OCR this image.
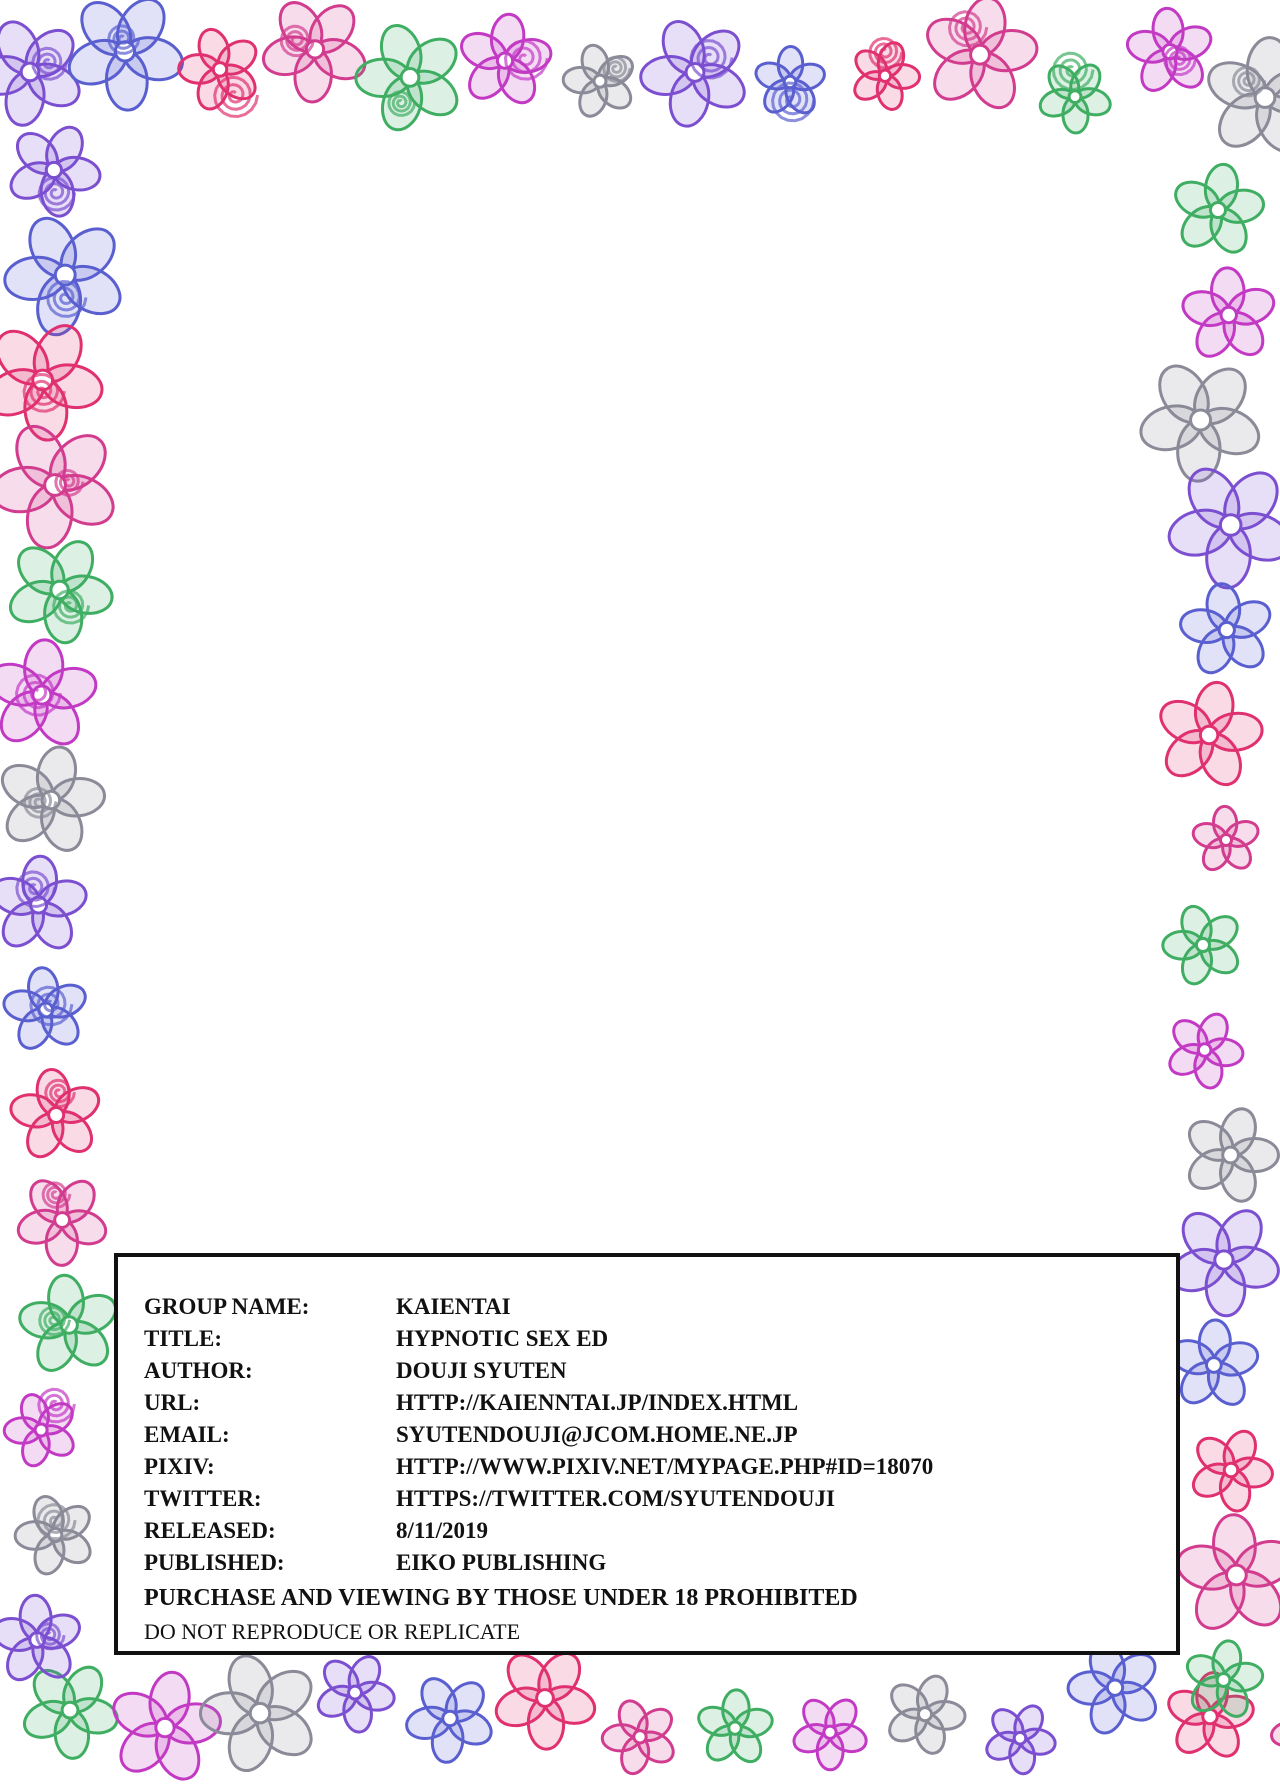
GROUP NAME:	KAIENTAI
TITLE:	HYPNOTIC SEX ED
AUTHOR:	DOUJI SYUTEN
URL:	HTTP://KAIENNTAI.JP/INDEX.HTML
EMAIL:	SYUTENDOUJI@JCOM.HOME.NE.JP
PIXIV:	HTTP://WWW.PIXIV.NET/MYPAGE.PHP#ID=18070
TWITTER:	HTTPS://TWITTER.COM/SYUTENDOUJI
RELEASED:	8/11/2019
PUBLISHED:	EIKO PUBLISHING
PURCHASE AND VIEWING BY THOSE UNDER 18 PROHIBITED
DO NOT REPRODUCE OR REPLICATE
